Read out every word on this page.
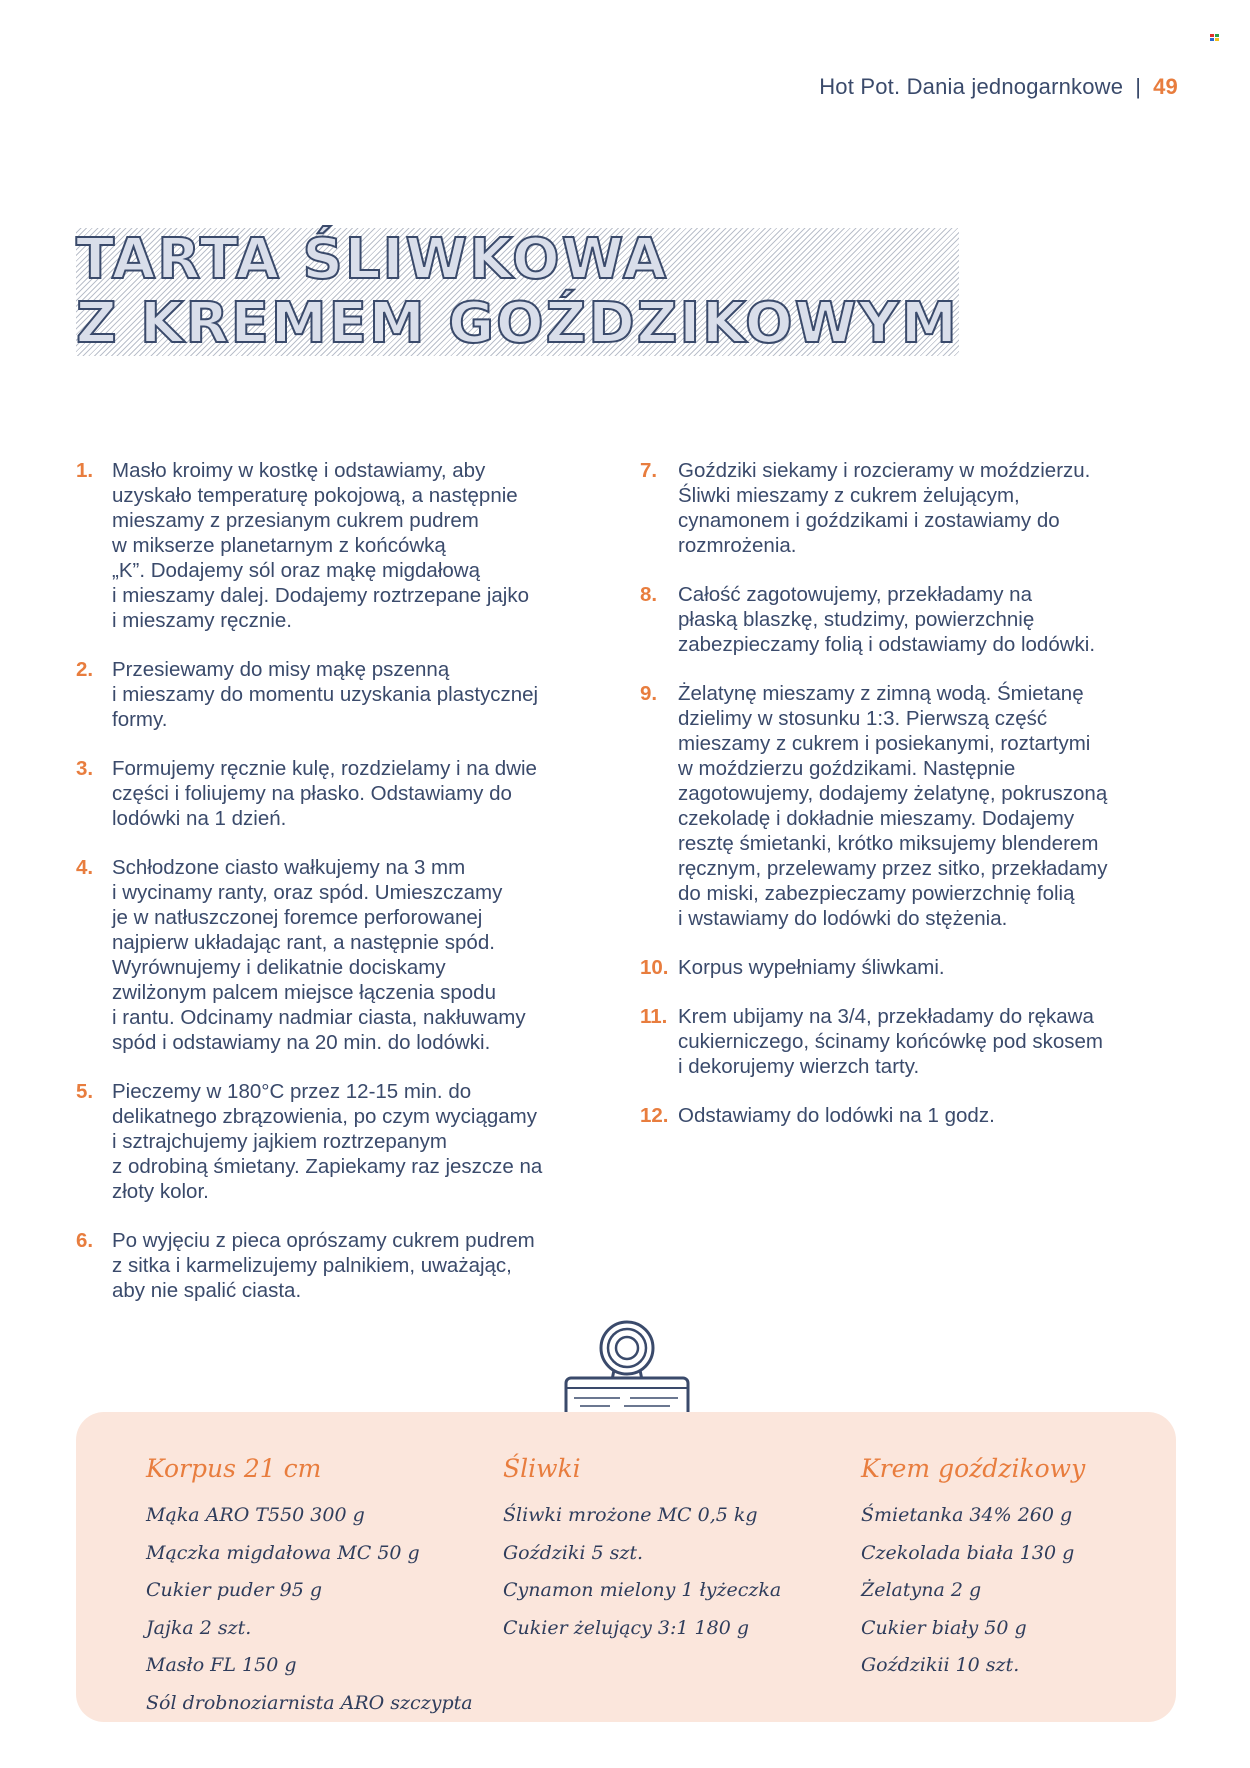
Hot Pot. Dania jednogarnkowe | 49
TARTA ŚLIWKOWA
Z KREMEM GOŹDZIKOWYM
1. Masło kroimy w kostkę i odstawiamy, aby
uzyskało temperaturę pokojową, a następnie
mieszamy z przesianym cukrem pudrem
w mikserze planetarnym z końcówką
„K”. Dodajemy sól oraz mąkę migdałową
i mieszamy dalej. Dodajemy roztrzepane jajko
i mieszamy ręcznie.
2. Przesiewamy do misy mąkę pszenną
i mieszamy do momentu uzyskania plastycznej
formy.
3. Formujemy ręcznie kulę, rozdzielamy i na dwie
części i foliujemy na płasko. Odstawiamy do
lodówki na 1 dzień.
4. Schłodzone ciasto wałkujemy na 3 mm
i wycinamy ranty, oraz spód. Umieszczamy
je w natłuszczonej foremce perforowanej
najpierw układając rant, a następnie spód.
Wyrównujemy i delikatnie dociskamy
zwilżonym palcem miejsce łączenia spodu
i rantu. Odcinamy nadmiar ciasta, nakłuwamy
spód i odstawiamy na 20 min. do lodówki.
5. Pieczemy w 180°C przez 12-15 min. do
delikatnego zbrązowienia, po czym wyciągamy
i sztrajchujemy jajkiem roztrzepanym
z odrobiną śmietany. Zapiekamy raz jeszcze na
złoty kolor.
6. Po wyjęciu z pieca oprószamy cukrem pudrem
z sitka i karmelizujemy palnikiem, uważając,
aby nie spalić ciasta.
7.	Goździki siekamy i rozcieramy w moździerzu.
Śliwki mieszamy z cukrem żelującym,
cynamonem i goździkami i zostawiamy do
rozmrożenia.
8.	Całość zagotowujemy, przekładamy na
płaską blaszkę, studzimy, powierzchnię
zabezpieczamy folią i odstawiamy do lodówki.
9.	Żelatynę mieszamy z zimną wodą. Śmietanę
dzielimy w stosunku 1:3. Pierwszą część
mieszamy z cukrem i posiekanymi, roztartymi
w moździerzu goździkami. Następnie
zagotowujemy, dodajemy żelatynę, pokruszoną
czekoladę i dokładnie mieszamy. Dodajemy
resztę śmietanki, krótko miksujemy blenderem
ręcznym, przelewamy przez sitko, przekładamy
do miski, zabezpieczamy powierzchnię folią
i wstawiamy do lodówki do stężenia.
10. Korpus wypełniamy śliwkami.
11. Krem ubijamy na 3/4, przekładamy do rękawa
cukierniczego, ścinamy końcówkę pod skosem
i dekorujemy wierzch tarty.
12. Odstawiamy do lodówki na 1 godz.
Korpus 21 cm
Mąka ARO T550 300 g
Mączka migdałowa MC 50 g
Cukier puder 95 g
Jajka 2 szt.
Masło FL 150 g
Sól drobnoziarnista ARO szczypta
Śliwki
Śliwki mrożone MC 0,5 kg
Goździki 5 szt.
Cynamon mielony 1 łyżeczka
Cukier żelujący 3:1 180 g
Krem goździkowy
Śmietanka 34% 260 g
Czekolada biała 130 g
Żelatyna 2 g
Cukier biały 50 g
Goździkii 10 szt.
